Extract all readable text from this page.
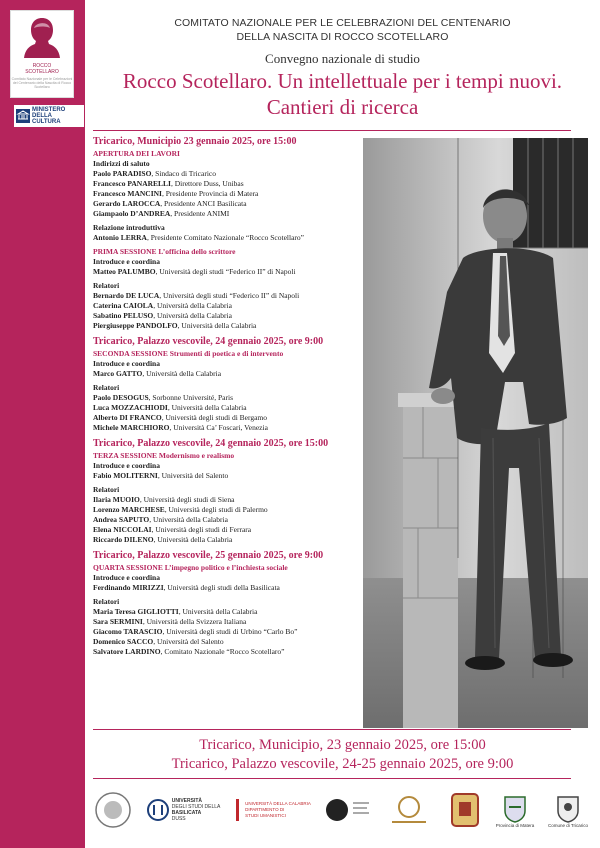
ROCCO
SCOTELLARO
Comitato Nazionale per le Celebrazioni del Centenario della Nascita di Rocco Scotellaro
MINISTERO
DELLA
CULTURA
COMITATO NAZIONALE PER LE CELEBRAZIONI DEL CENTENARIO
DELLA NASCITA DI ROCCO SCOTELLARO
Convegno nazionale di studio
Rocco Scotellaro. Un intellettuale per i tempi nuovi.
Cantieri di ricerca
Tricarico, Municipio 23 gennaio 2025, ore 15:00
APERTURA DEI LAVORI
Indirizzi di saluto
Paolo PARADISO, Sindaco di Tricarico
Francesco PANARELLI, Direttore Duss, Unibas
Francesco MANCINI, Presidente Provincia di Matera
Gerardo LAROCCA, Presidente ANCI Basilicata
Giampaolo D’ANDREA, Presidente ANIMI
Relazione introduttiva
Antonio LERRA, Presidente Comitato Nazionale “Rocco Scotellaro”
PRIMA SESSIONE L’officina dello scrittore
Introduce e coordina
Matteo PALUMBO, Università degli studi “Federico II” di Napoli
Relatori
Bernardo DE LUCA, Università degli studi “Federico II” di Napoli
Caterina CAIOLA, Università della Calabria
Sabatino PELUSO, Università della Calabria
Piergiuseppe PANDOLFO, Università della Calabria
Tricarico, Palazzo vescovile, 24 gennaio 2025, ore 9:00
SECONDA SESSIONE Strumenti di poetica e di intervento
Introduce e coordina
Marco GATTO, Università della Calabria
Relatori
Paolo DESOGUS, Sorbonne Université, Paris
Luca MOZZACHIODI, Università della Calabria
Alberto DI FRANCO, Università degli studi di Bergamo
Michele MARCHIORO, Università Ca’ Foscari, Venezia
Tricarico, Palazzo vescovile, 24 gennaio 2025, ore 15:00
TERZA SESSIONE Modernismo e realismo
Introduce e coordina
Fabio MOLITERNI, Università del Salento
Relatori
Ilaria MUOIO, Università degli studi di Siena
Lorenzo MARCHESE, Università degli studi di Palermo
Andrea SAPUTO, Università della Calabria
Elena NICCOLAI, Università degli studi di Ferrara
Riccardo DILENO, Università della Calabria
Tricarico, Palazzo vescovile, 25 gennaio 2025, ore 9:00
QUARTA SESSIONE L’impegno politico e l’inchiesta sociale
Introduce e coordina
Ferdinando MIRIZZI, Università degli studi della Basilicata
Relatori
Maria Teresa GIGLIOTTI, Università della Calabria
Sara SERMINI, Università della Svizzera Italiana
Giacomo TARASCIO, Università degli studi di Urbino “Carlo Bo”
Domenico SACCO, Università del Salento
Salvatore LARDINO, Comitato Nazionale “Rocco Scotellaro”
Tricarico, Municipio, 23 gennaio 2025, ore 15:00
Tricarico, Palazzo vescovile, 24-25 gennaio 2025, ore 9:00
UNIVERSITÀ
DEGLI STUDI DELLA
BASILICATA
DUSS
UNIVERSITÀ DELLA CALABRIA
DIPARTIMENTO DI
STUDI UMANISTICI
Provincia di Matera	Comune di Tricarico
